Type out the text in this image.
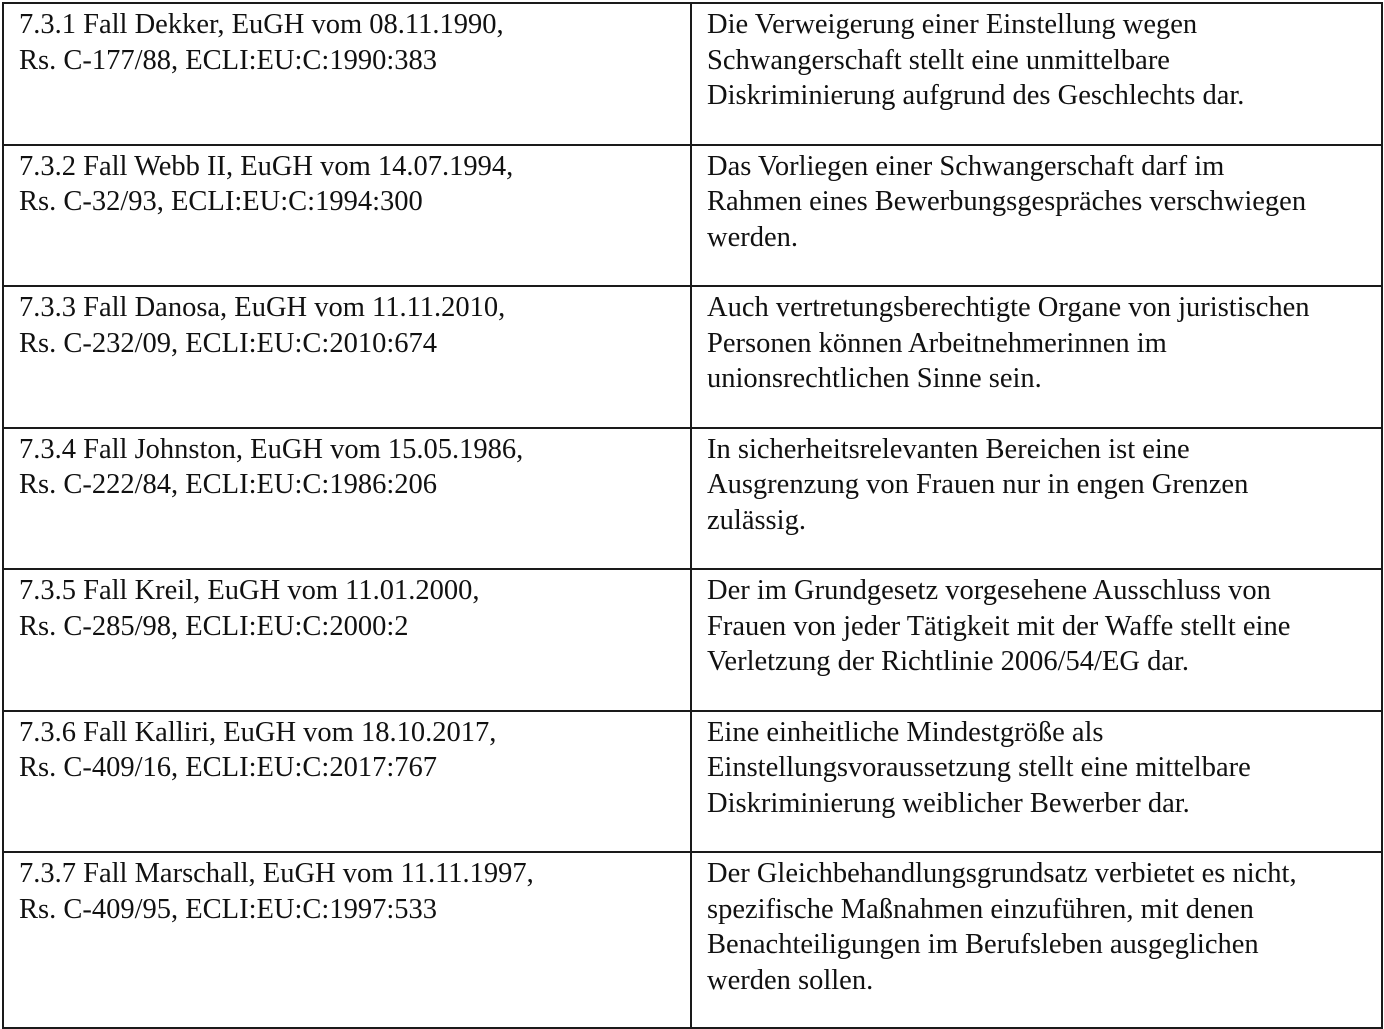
7.3.1 Fall Dekker, EuGH vom 08.11.1990,
Rs. C-177/88, ECLI:EU:C:1990:383	Die Verweigerung einer Einstellung wegen
Schwangerschaft stellt eine unmittelbare
Diskriminierung aufgrund des Geschlechts dar.

7.3.2 Fall Webb II, EuGH vom 14.07.1994,
Rs. C-32/93, ECLI:EU:C:1994:300	Das Vorliegen einer Schwangerschaft darf im
Rahmen eines Bewerbungsgespräches verschwiegen
werden.

7.3.3 Fall Danosa, EuGH vom 11.11.2010,
Rs. C-232/09, ECLI:EU:C:2010:674	Auch vertretungsberechtigte Organe von juristischen
Personen können Arbeitnehmerinnen im
unionsrechtlichen Sinne sein.

7.3.4 Fall Johnston, EuGH vom 15.05.1986,
Rs. C-222/84, ECLI:EU:C:1986:206	In sicherheitsrelevanten Bereichen ist eine
Ausgrenzung von Frauen nur in engen Grenzen
zulässig.

7.3.5 Fall Kreil, EuGH vom 11.01.2000,
Rs. C-285/98, ECLI:EU:C:2000:2	Der im Grundgesetz vorgesehene Ausschluss von
Frauen von jeder Tätigkeit mit der Waffe stellt eine
Verletzung der Richtlinie 2006/54/EG dar.

7.3.6 Fall Kalliri, EuGH vom 18.10.2017,
Rs. C-409/16, ECLI:EU:C:2017:767	Eine einheitliche Mindestgröße als
Einstellungsvoraussetzung stellt eine mittelbare
Diskriminierung weiblicher Bewerber dar.

7.3.7 Fall Marschall, EuGH vom 11.11.1997,
Rs. C-409/95, ECLI:EU:C:1997:533	Der Gleichbehandlungsgrundsatz verbietet es nicht,
spezifische Maßnahmen einzuführen, mit denen
Benachteiligungen im Berufsleben ausgeglichen
werden sollen.
